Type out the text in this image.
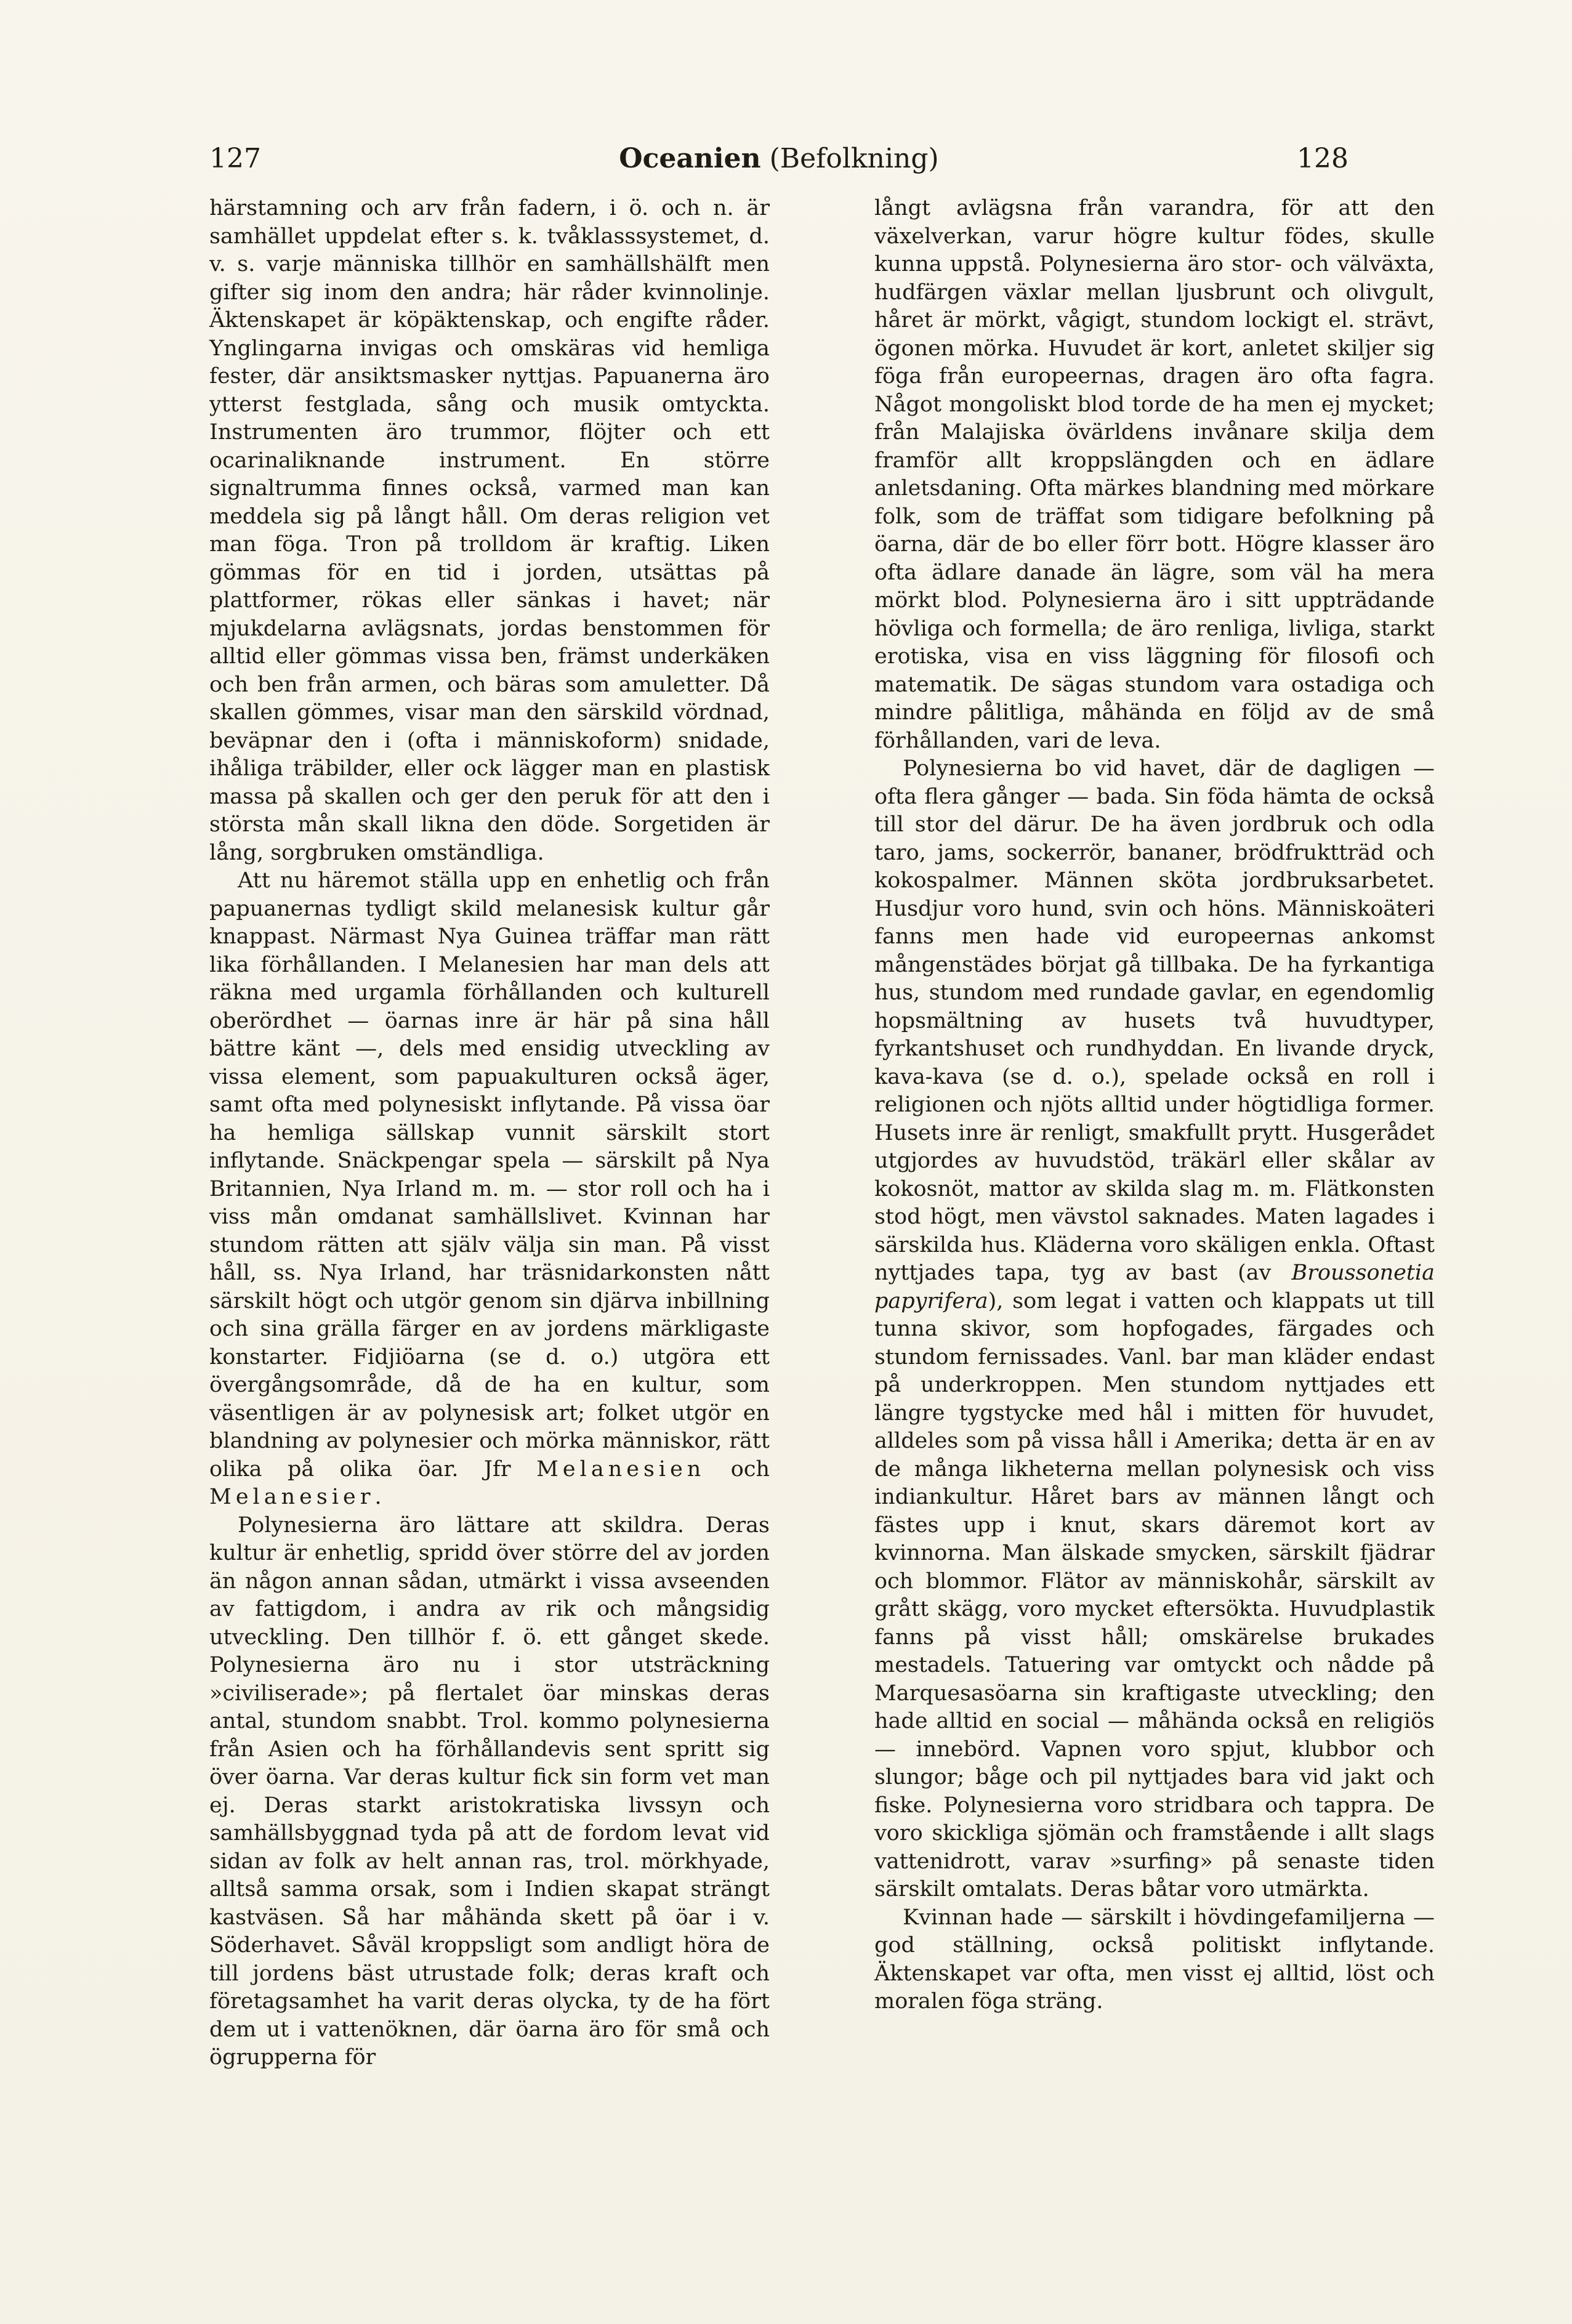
127	Oceanien (Befolkning)	128

härstamning och arv från fadern, i ö. och n. är samhället uppdelat efter s. k. tvåklasssystemet, d. v. s. varje människa tillhör en samhällshälft men gifter sig inom den andra; här råder kvinnolinje. Äktenskapet är köpäktenskap, och engifte råder. Ynglingarna invigas och omskäras vid hemliga fester, där ansiktsmasker nyttjas. Papuanerna äro ytterst festglada, sång och musik omtyckta. Instrumenten äro trummor, flöjter och ett ocarinaliknande instrument. En större signaltrumma finnes också, varmed man kan meddela sig på långt håll. Om deras religion vet man föga. Tron på trolldom är kraftig. Liken gömmas för en tid i jorden, utsättas på plattformer, rökas eller sänkas i havet; när mjukdelarna avlägsnats, jordas benstommen för alltid eller gömmas vissa ben, främst underkäken och ben från armen, och bäras som amuletter. Då skallen gömmes, visar man den särskild vördnad, beväpnar den i (ofta i människoform) snidade, ihåliga träbilder, eller ock lägger man en plastisk massa på skallen och ger den peruk för att den i största mån skall likna den döde. Sorgetiden är lång, sorgbruken omständliga.

Att nu häremot ställa upp en enhetlig och från papuanernas tydligt skild melanesisk kultur går knappast. Närmast Nya Guinea träffar man rätt lika förhållanden. I Melanesien har man dels att räkna med urgamla förhållanden och kulturell oberördhet — öarnas inre är här på sina håll bättre känt —, dels med ensidig utveckling av vissa element, som papuakulturen också äger, samt ofta med polynesiskt inflytande. På vissa öar ha hemliga sällskap vunnit särskilt stort inflytande. Snäckpengar spela — särskilt på Nya Britannien, Nya Irland m. m. — stor roll och ha i viss mån omdanat samhällslivet. Kvinnan har stundom rätten att själv välja sin man. På visst håll, ss. Nya Irland, har träsnidarkonsten nått särskilt högt och utgör genom sin djärva inbillning och sina grälla färger en av jordens märkligaste konstarter. Fidjiöarna (se d. o.) utgöra ett övergångsområde, då de ha en kultur, som väsentligen är av polynesisk art; folket utgör en blandning av polynesier och mörka människor, rätt olika på olika öar. Jfr Melanesien och Melanesier.

Polynesierna äro lättare att skildra. Deras kultur är enhetlig, spridd över större del av jorden än någon annan sådan, utmärkt i vissa avseenden av fattigdom, i andra av rik och mångsidig utveckling. Den tillhör f. ö. ett gånget skede. Polynesierna äro nu i stor utsträckning »civiliserade»; på flertalet öar minskas deras antal, stundom snabbt. Trol. kommo polynesierna från Asien och ha förhållandevis sent spritt sig över öarna. Var deras kultur fick sin form vet man ej. Deras starkt aristokratiska livssyn och samhällsbyggnad tyda på att de fordom levat vid sidan av folk av helt annan ras, trol. mörkhyade, alltså samma orsak, som i Indien skapat strängt kastväsen. Så har måhända skett på öar i v. Söderhavet. Såväl kroppsligt som andligt höra de till jordens bäst utrustade folk; deras kraft och företagsamhet ha varit deras olycka, ty de ha fört dem ut i vattenöknen, där öarna äro för små och ögrupperna för

långt avlägsna från varandra, för att den växelverkan, varur högre kultur födes, skulle kunna uppstå. Polynesierna äro stor- och välväxta, hudfärgen växlar mellan ljusbrunt och olivgult, håret är mörkt, vågigt, stundom lockigt el. strävt, ögonen mörka. Huvudet är kort, anletet skiljer sig föga från europeernas, dragen äro ofta fagra. Något mongoliskt blod torde de ha men ej mycket; från Malajiska övärldens invånare skilja dem framför allt kroppslängden och en ädlare anletsdaning. Ofta märkes blandning med mörkare folk, som de träffat som tidigare befolkning på öarna, där de bo eller förr bott. Högre klasser äro ofta ädlare danade än lägre, som väl ha mera mörkt blod. Polynesierna äro i sitt uppträdande hövliga och formella; de äro renliga, livliga, starkt erotiska, visa en viss läggning för filosofi och matematik. De sägas stundom vara ostadiga och mindre pålitliga, måhända en följd av de små förhållanden, vari de leva.

Polynesierna bo vid havet, där de dagligen — ofta flera gånger — bada. Sin föda hämta de också till stor del därur. De ha även jordbruk och odla taro, jams, sockerrör, bananer, brödfruktträd och kokospalmer. Männen sköta jordbruksarbetet. Husdjur voro hund, svin och höns. Människoäteri fanns men hade vid europeernas ankomst mångenstädes börjat gå tillbaka. De ha fyrkantiga hus, stundom med rundade gavlar, en egendomlig hopsmältning av husets två huvudtyper, fyrkantshuset och rundhyddan. En livande dryck, kava-kava (se d. o.), spelade också en roll i religionen och njöts alltid under högtidliga former. Husets inre är renligt, smakfullt prytt. Husgerådet utgjordes av huvudstöd, träkärl eller skålar av kokosnöt, mattor av skilda slag m. m. Flätkonsten stod högt, men vävstol saknades. Maten lagades i särskilda hus. Kläderna voro skäligen enkla. Oftast nyttjades tapa, tyg av bast (av Broussonetia papyrifera), som legat i vatten och klappats ut till tunna skivor, som hopfogades, färgades och stundom fernissades. Vanl. bar man kläder endast på underkroppen. Men stundom nyttjades ett längre tygstycke med hål i mitten för huvudet, alldeles som på vissa håll i Amerika; detta är en av de många likheterna mellan polynesisk och viss indiankultur. Håret bars av männen långt och fästes upp i knut, skars däremot kort av kvinnorna. Man älskade smycken, särskilt fjädrar och blommor. Flätor av människohår, särskilt av grått skägg, voro mycket eftersökta. Huvudplastik fanns på visst håll; omskärelse brukades mestadels. Tatuering var omtyckt och nådde på Marquesasöarna sin kraftigaste utveckling; den hade alltid en social — måhända också en religiös — innebörd. Vapnen voro spjut, klubbor och slungor; båge och pil nyttjades bara vid jakt och fiske. Polynesierna voro stridbara och tappra. De voro skickliga sjömän och framstående i allt slags vattenidrott, varav »surfing» på senaste tiden särskilt omtalats. Deras båtar voro utmärkta.

Kvinnan hade — särskilt i hövdingefamiljerna — god ställning, också politiskt inflytande. Äktenskapet var ofta, men visst ej alltid, löst och moralen föga sträng.
